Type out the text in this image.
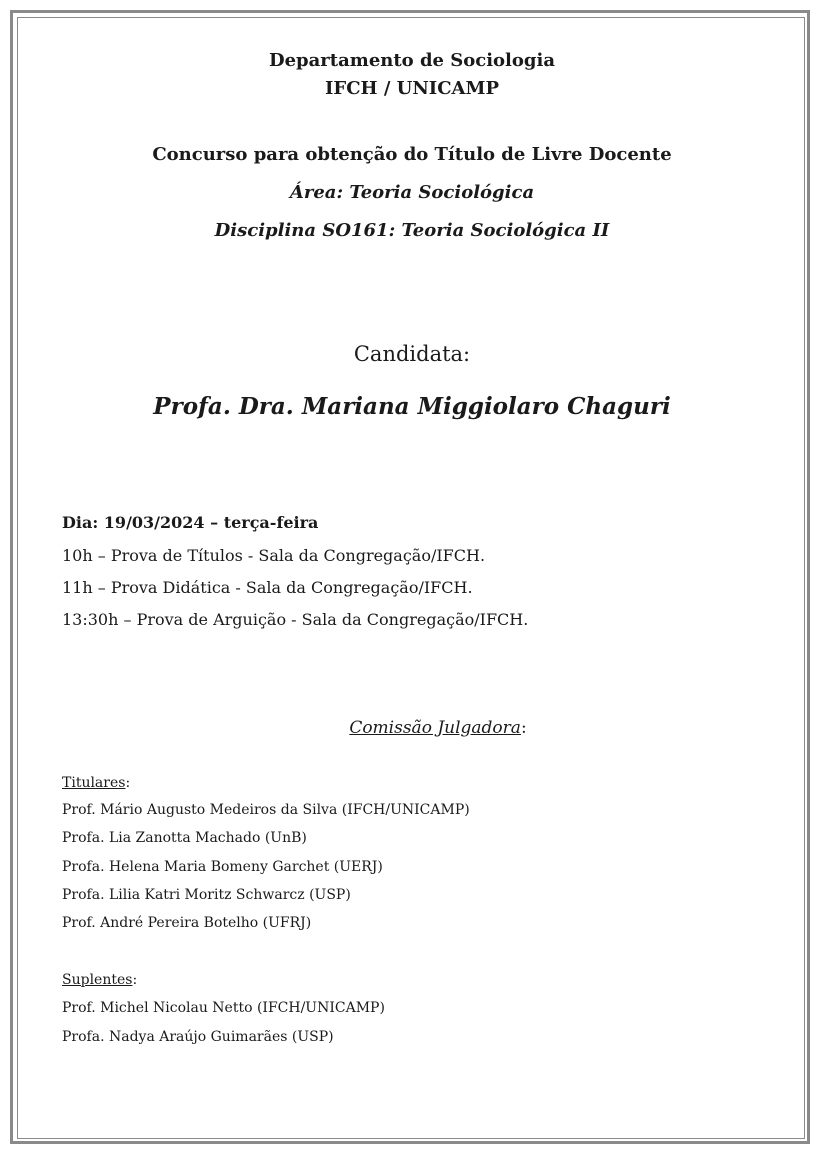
Departamento de Sociologia
IFCH / UNICAMP
Concurso para obtenção do Título de Livre Docente
Área: Teoria Sociológica
Disciplina SO161: Teoria Sociológica II
Candidata:
Profa. Dra. Mariana Miggiolaro Chaguri
Dia: 19/03/2024 – terça-feira
10h – Prova de Títulos - Sala da Congregação/IFCH.
11h – Prova Didática - Sala da Congregação/IFCH.
13:30h – Prova de Arguição - Sala da Congregação/IFCH.
Comissão Julgadora:
Titulares:
Prof. Mário Augusto Medeiros da Silva (IFCH/UNICAMP)
Profa. Lia Zanotta Machado (UnB)
Profa. Helena Maria Bomeny Garchet (UERJ)
Profa. Lilia Katri Moritz Schwarcz (USP)
Prof. André Pereira Botelho (UFRJ)
Suplentes:
Prof. Michel Nicolau Netto (IFCH/UNICAMP)
Profa. Nadya Araújo Guimarães (USP)
